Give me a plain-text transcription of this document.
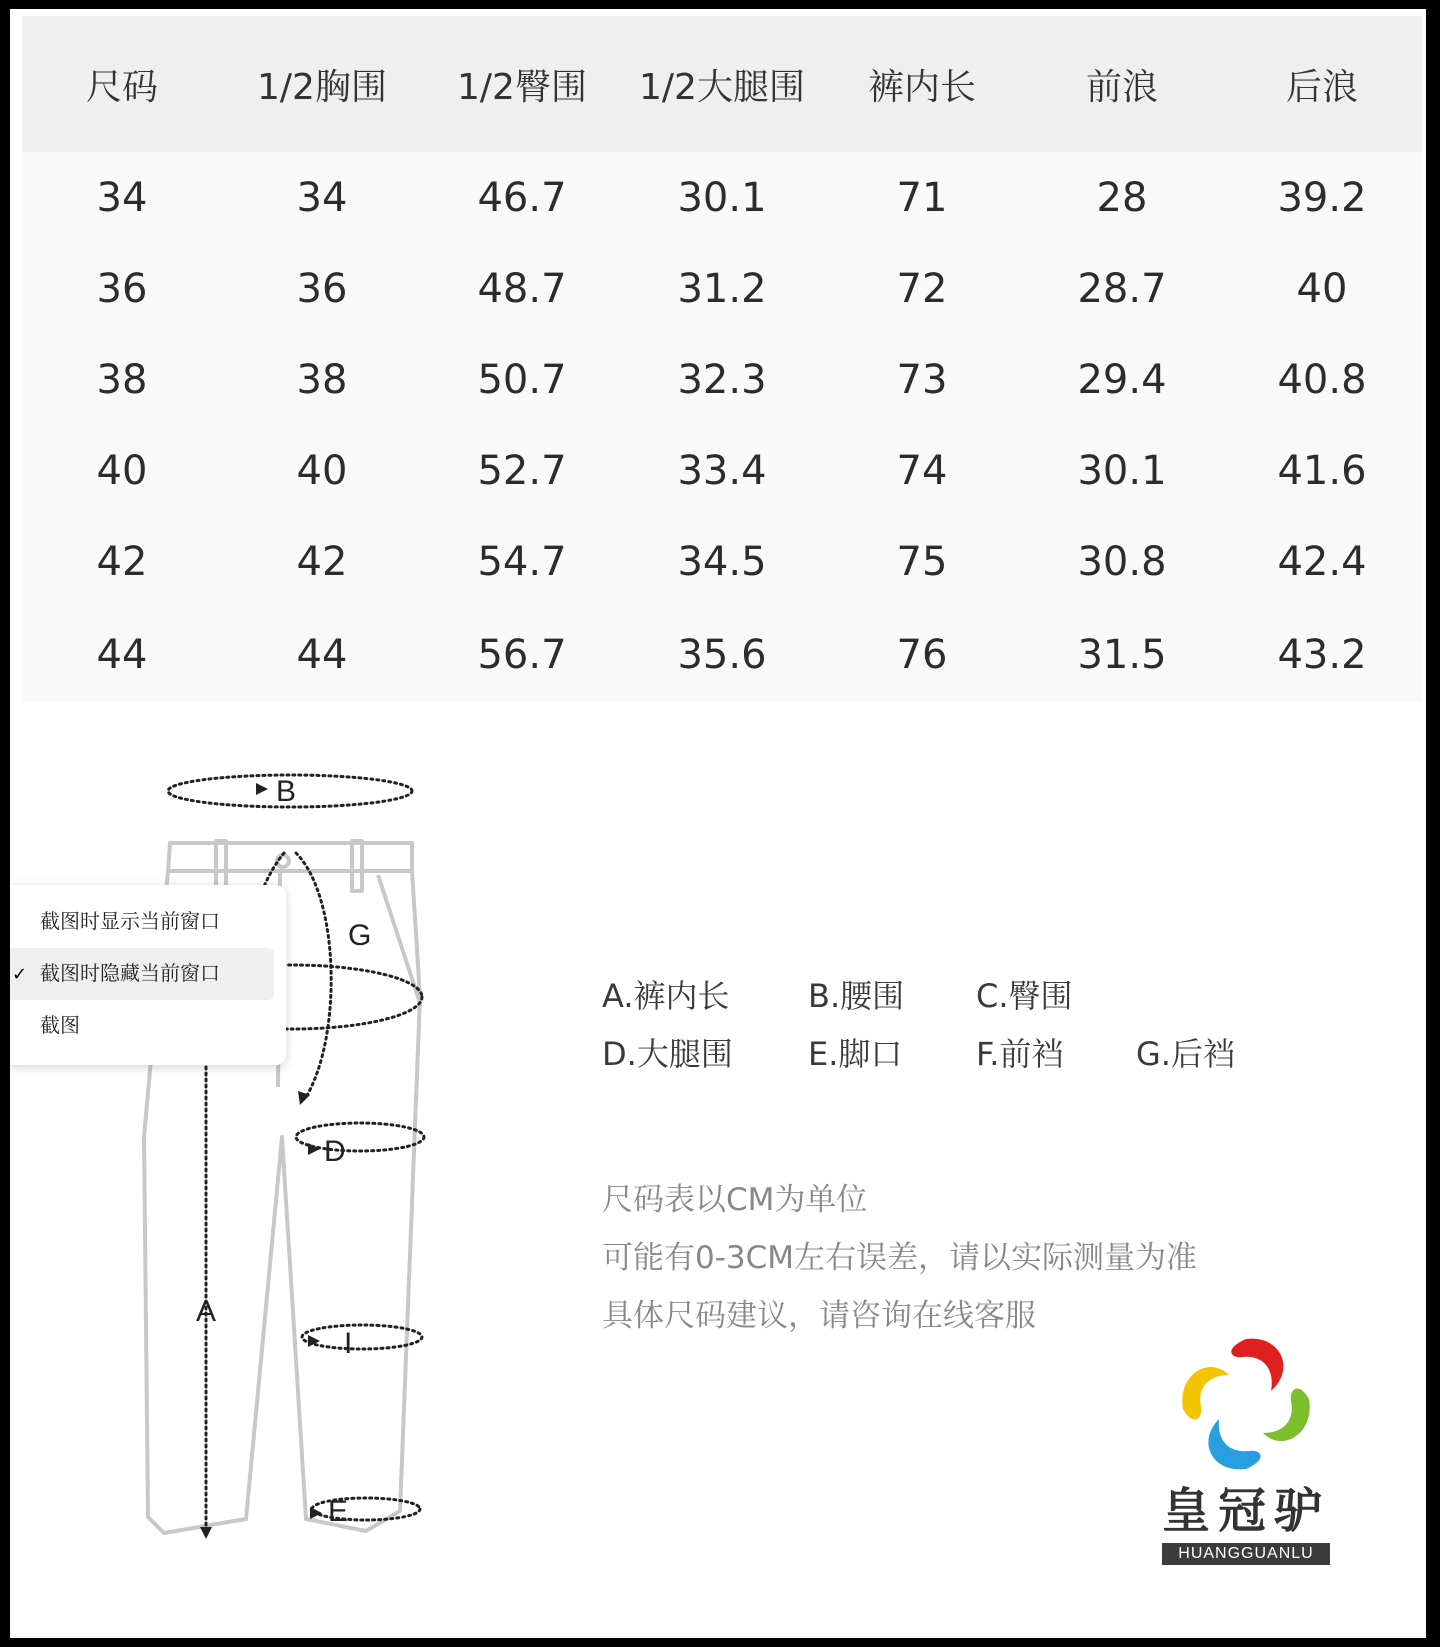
尺码	1/2胸围	1/2臀围	1/2大腿围	裤内长	前浪	后浪
34	34	46.7	30.1	71	28	39.2
36	36	48.7	31.2	72	28.7	40
38	38	50.7	32.3	73	29.4	40.8
40	40	52.7	33.4	74	30.1	41.6
42	42	54.7	34.5	75	30.8	42.4
44	44	56.7	35.6	76	31.5	43.2
B
G
D
A
I
E
A.裤内长	B.腰围	C.臀围
D.大腿围	E.脚口	F.前裆	G.后裆
尺码表以CM为单位
可能有0-3CM左右误差，请以实际测量为准
具体尺码建议，请咨询在线客服
皇冠驴
HUANGGUANLU
截图时显示当前窗口
✓ 截图时隐藏当前窗口
截图
